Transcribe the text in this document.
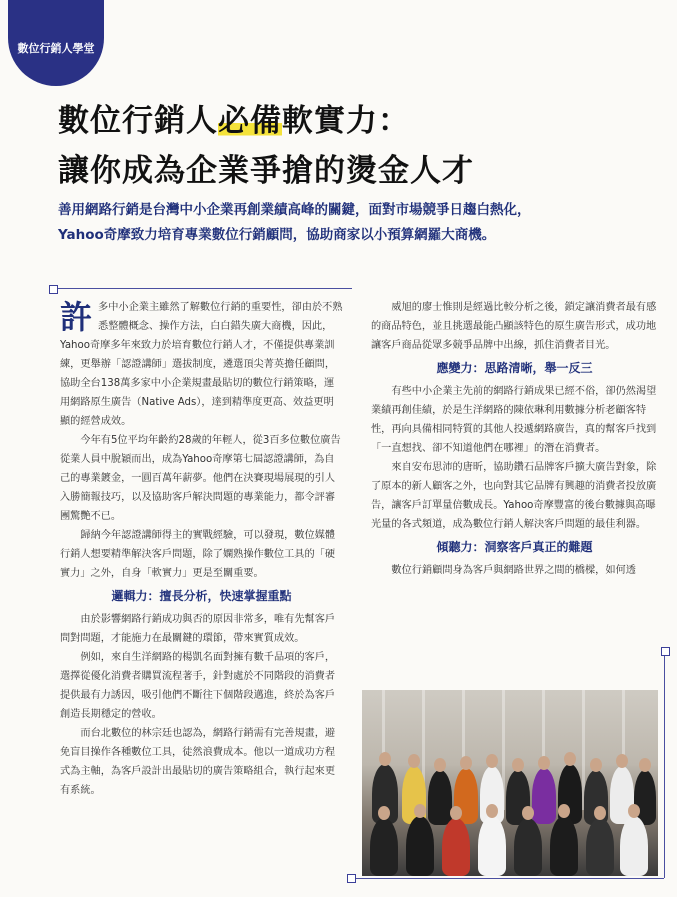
數位行銷人學堂
數位行銷人必備軟實力：
讓你成為企業爭搶的燙金人才
善用網路行銷是台灣中小企業再創業績高峰的關鍵，面對市場競爭日趨白熱化，
Yahoo奇摩致力培育專業數位行銷顧問，協助商家以小預算網羅大商機。

許多中小企業主雖然了解數位行銷的重要性，卻由於不熟悉整體概念、操作方法，白白錯失廣大商機，因此，Yahoo奇摩多年來致力於培育數位行銷人才，不僅提供專業訓練，更舉辦「認證講師」選拔制度，遴選頂尖菁英擔任顧問，協助全台138萬多家中小企業規畫最貼切的數位行銷策略，運用網路原生廣告（Native Ads），達到精準度更高、效益更明顯的經營成效。

今年有5位平均年齡約28歲的年輕人，從3百多位數位廣告從業人員中脫穎而出，成為Yahoo奇摩第七屆認證講師，為自己的專業鍍金，一圓百萬年薪夢。他們在決賽現場展現的引人入勝簡報技巧，以及協助客戶解決問題的專業能力，都令評審團驚艷不已。

歸納今年認證講師得主的實戰經驗，可以發現，數位媒體行銷人想要精準解決客戶問題，除了嫻熟操作數位工具的「硬實力」之外，自身「軟實力」更是至關重要。

邏輯力：擅長分析，快速掌握重點

由於影響網路行銷成功與否的原因非常多，唯有先幫客戶問對問題，才能施力在最關鍵的環節，帶來實質成效。

例如，來自生洋網路的楊凱名面對擁有數千品項的客戶，選擇從優化消費者購買流程著手，針對處於不同階段的消費者提供最有力誘因，吸引他們不斷往下個階段邁進，終於為客戶創造長期穩定的營收。

而台北數位的林宗廷也認為，網路行銷需有完善規畫，避免盲目操作各種數位工具，徒然浪費成本。他以一道成功方程式為主軸，為客戶設計出最貼切的廣告策略組合，執行起來更有系統。

威旭的廖士惟則是經過比較分析之後，鎖定讓消費者最有感的商品特色，並且挑選最能凸顯該特色的原生廣告形式，成功地讓客戶商品從眾多競爭品牌中出線，抓住消費者目光。

應變力：思路清晰，舉一反三

有些中小企業主先前的網路行銷成果已經不俗，卻仍然渴望業績再創佳績，於是生洋網路的陳依琳利用數據分析老顧客特性，再向具備相同特質的其他人投遞網路廣告，真的幫客戶找到「一直想找、卻不知道他們在哪裡」的潛在消費者。

來自安布思沛的唐昕，協助鑽石品牌客戶擴大廣告對象，除了原本的新人顧客之外，也向對其它品牌有興趣的消費者投放廣告，讓客戶訂單量倍數成長。Yahoo奇摩豐富的後台數據與高曝光量的各式頻道，成為數位行銷人解決客戶問題的最佳利器。

傾聽力：洞察客戶真正的難題

數位行銷顧問身為客戶與網路世界之間的橋樑，如何透
